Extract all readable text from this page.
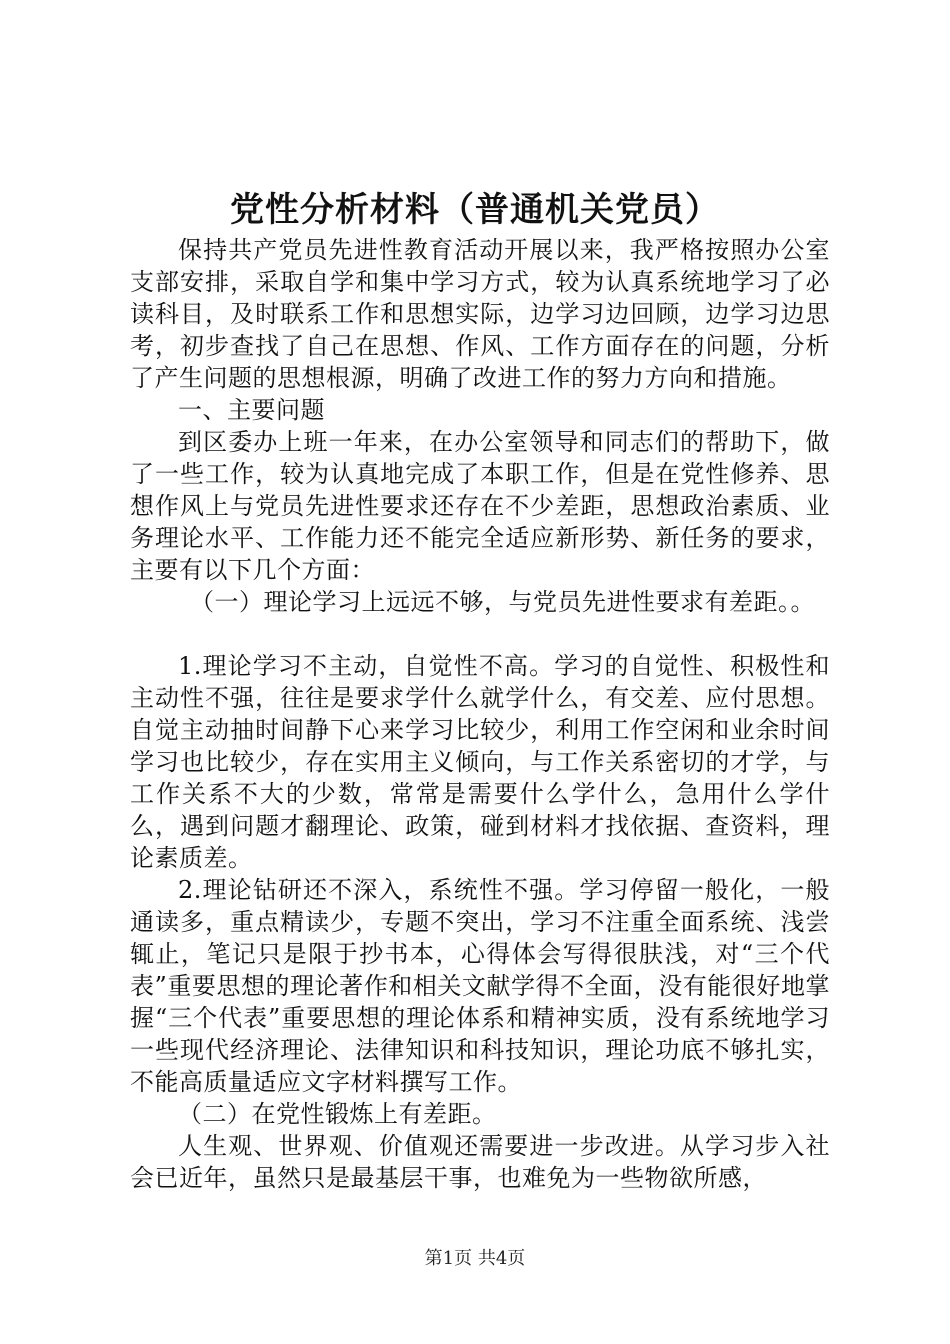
党性分析材料（普通机关党员）

保持共产党员先进性教育活动开展以来，我严格按照办公室支部安排，采取自学和集中学习方式，较为认真系统地学习了必读科目，及时联系工作和思想实际，边学习边回顾，边学习边思考，初步查找了自己在思想、作风、工作方面存在的问题，分析了产生问题的思想根源，明确了改进工作的努力方向和措施。

一、主要问题

到区委办上班一年来，在办公室领导和同志们的帮助下，做了一些工作，较为认真地完成了本职工作，但是在党性修养、思想作风上与党员先进性要求还存在不少差距，思想政治素质、业务理论水平、工作能力还不能完全适应新形势、新任务的要求，主要有以下几个方面：

（一）理论学习上远远不够，与党员先进性要求有差距。。

1.理论学习不主动，自觉性不高。学习的自觉性、积极性和主动性不强，往往是要求学什么就学什么，有交差、应付思想。自觉主动抽时间静下心来学习比较少，利用工作空闲和业余时间学习也比较少，存在实用主义倾向，与工作关系密切的才学，与工作关系不大的少数，常常是需要什么学什么，急用什么学什么，遇到问题才翻理论、政策，碰到材料才找依据、查资料，理论素质差。

2.理论钻研还不深入，系统性不强。学习停留一般化，一般通读多，重点精读少，专题不突出，学习不注重全面系统、浅尝辄止，笔记只是限于抄书本，心得体会写得很肤浅，对“三个代表”重要思想的理论著作和相关文献学得不全面，没有能很好地掌握“三个代表”重要思想的理论体系和精神实质，没有系统地学习一些现代经济理论、法律知识和科技知识，理论功底不够扎实，不能高质量适应文字材料撰写工作。

（二）在党性锻炼上有差距。

人生观、世界观、价值观还需要进一步改进。从学习步入社会已近年，虽然只是最基层干事，也难免为一些物欲所感，

第1页 共4页
